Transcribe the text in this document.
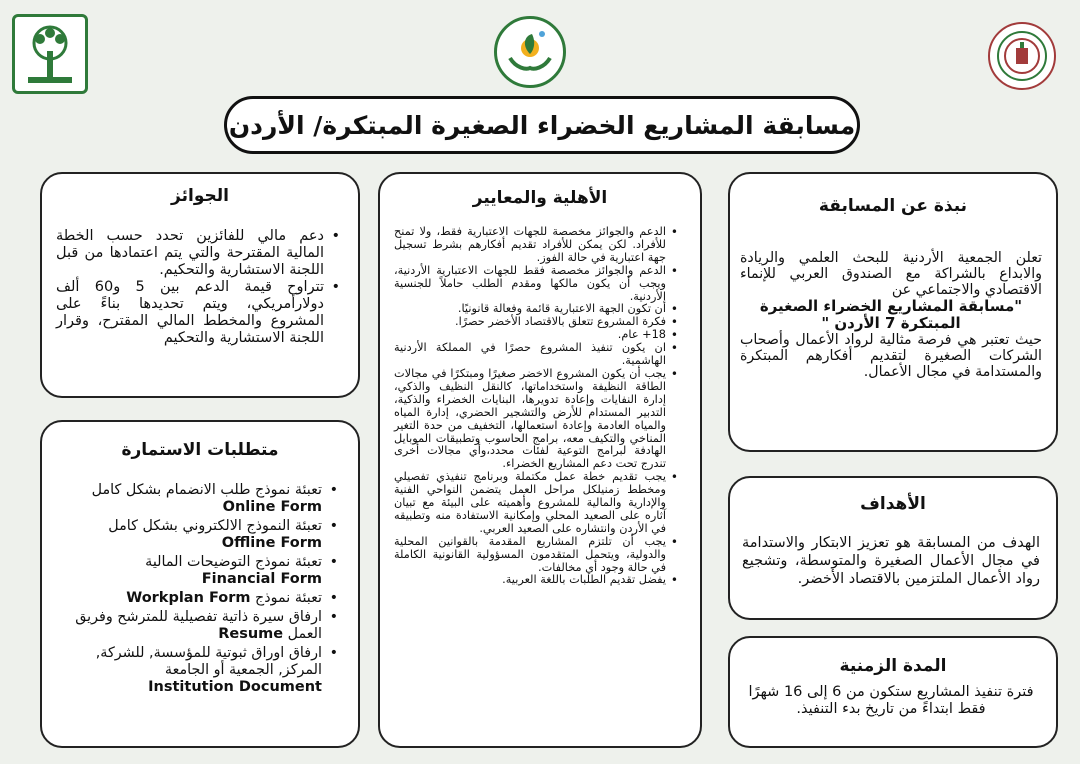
مسابقة المشاريع الخضراء الصغيرة المبتكرة/ الأردن
نبذة عن المسابقة
تعلن الجمعية الأردنية للبحث العلمي والريادة والابداع بالشراكة مع الصندوق العربي للإنماء الاقتصادي والاجتماعي عن
"مسابقة المشاريع الخضراء الصغيرة المبتكرة 7 الأردن "
حيث تعتبر هي فرصة مثالية لرواد الأعمال وأصحاب الشركات الصغيرة لتقديم أفكارهم المبتكرة والمستدامة في مجال الأعمال.
الأهداف

الهدف من المسابقة هو تعزيز الابتكار والاستدامة في مجال الأعمال الصغيرة والمتوسطة، وتشجيع رواد الأعمال الملتزمين بالاقتصاد الأخضر.

المدة الزمنية

فترة تنفيذ المشاريع ستكون من 6 إلى 16 شهرًا فقط ابتداءً من تاريخ بدء التنفيذ.

الأهلية والمعايير
• الدعم والجوائز مخصصة للجهات الاعتبارية فقط، ولا تمنح للأفراد. لكن يمكن للأفراد تقديم أفكارهم بشرط تسجيل جهة اعتبارية في حالة الفوز.
• الدعم والجوائز مخصصة فقط للجهات الاعتبارية الأردنية، ويجب أن يكون مالكها ومقدم الطلب حاملاً للجنسية الأردنية.
• أن تكون الجهة الاعتبارية قائمة وفعالة قانونيًا.
• فكرة المشروع تتعلق بالاقتصاد الأخضر حصرًا.
• 18+ عام.
• ان يكون تنفيذ المشروع حصرًا في المملكة الأردنية الهاشمية.
• يجب أن يكون المشروع الاخضر صغيرًا ومبتكرًا في مجالات الطاقة النظيفة واستخداماتها، كالنقل النظيف والذكي، إدارة النفايات وإعادة تدويرها، البنايات الخضراء والذكية، التدبير المستدام للأرض والتشجير الحضري، إدارة المياه والمياه العادمة وإعادة استعمالها، التخفيف من حدة التغير المناخي والتكيف معه، برامج الحاسوب وتطبيقات الموبايل الهادفة لبرامج التوعية لفئات محدد،وأي مجالات أخرى تندرج تحت دعم المشاريع الخضراء.
• يجب تقديم خطة عمل مكتملة وبرنامج تنفيذي تفصيلي ومخطط زمنيلكل مراحل العمل يتضمن النواحي الفنية والإدارية والمالية للمشروع وأهميته على البيئة مع تبيان آثاره على الصعيد المحلي وإمكانية الاستفادة منه وتطبيقه في الأردن وانتشاره على الصعيد العربي.
• يجب أن تلتزم المشاريع المقدمة بالقوانين المحلية والدولية، ويتحمل المتقدمون المسؤولية القانونية الكاملة في حالة وجود أي مخالفات.
• يفضل تقديم الطلبات باللغة العربية.
الجوائز
• دعم مالي للفائزين تحدد حسب الخطة المالية المقترحة والتي يتم اعتمادها من قبل اللجنة الاستشارية والتحكيم.
• تتراوح قيمة الدعم بين 5 و60 ألف دولارأمريكي، ويتم تحديدها بناءً على المشروع والمخطط المالي المقترح، وقرار اللجنة الاستشارية والتحكيم
متطلبات الاستمارة
• تعبئة نموذج طلب الانضمام بشكل كامل
Online Form
• تعبئة النموذج الالكتروني بشكل كامل
Offline Form
• تعبئة نموذج التوضيحات المالية
Financial Form
• تعبئة نموذج Workplan Form
• ارفاق سيرة ذاتية تفصيلية للمترشح وفريق العمل Resume
• ارفاق اوراق ثبوتية للمؤسسة, للشركة, المركز, الجمعية أو الجامعة
Institution Document
